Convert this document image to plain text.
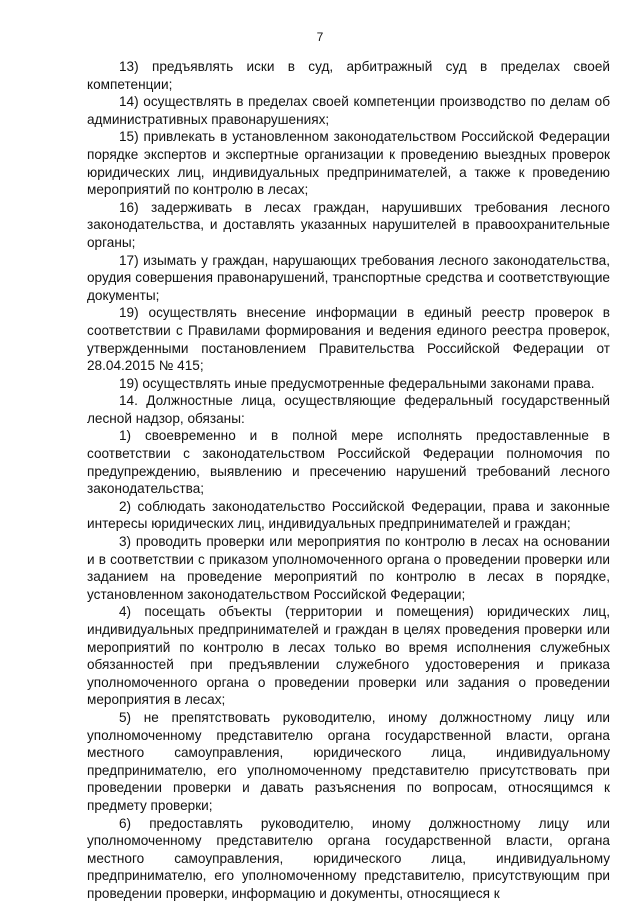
7

13) предъявлять иски в суд, арбитражный суд в пределах своей компетенции;

14) осуществлять в пределах своей компетенции производство по делам об административных правонарушениях;

15) привлекать в установленном законодательством Российской Федерации порядке экспертов и экспертные организации к проведению выездных проверок юридических лиц, индивидуальных предпринимателей, а также к проведению мероприятий по контролю в лесах;

16) задерживать в лесах граждан, нарушивших требования лесного законодательства, и доставлять указанных нарушителей в правоохранительные органы;

17) изымать у граждан, нарушающих требования лесного законодательства, орудия совершения правонарушений, транспортные средства и соответствующие документы;

19) осуществлять внесение информации в единый реестр проверок в соответствии с Правилами формирования и ведения единого реестра проверок, утвержденными постановлением Правительства Российской Федерации от 28.04.2015 № 415;

19) осуществлять иные предусмотренные федеральными законами права.

14. Должностные лица, осуществляющие федеральный государственный лесной надзор, обязаны:

1) своевременно и в полной мере исполнять предоставленные в соответствии с законодательством Российской Федерации полномочия по предупреждению, выявлению и пресечению нарушений требований лесного законодательства;

2) соблюдать законодательство Российской Федерации, права и законные интересы юридических лиц, индивидуальных предпринимателей и граждан;

3) проводить проверки или мероприятия по контролю в лесах на основании и в соответствии с приказом уполномоченного органа о проведении проверки или заданием на проведение мероприятий по контролю в лесах в порядке, установленном законодательством Российской Федерации;

4) посещать объекты (территории и помещения) юридических лиц, индивидуальных предпринимателей и граждан в целях проведения проверки или мероприятий по контролю в лесах только во время исполнения служебных обязанностей при предъявлении служебного удостоверения и приказа уполномоченного органа о проведении проверки или задания о проведении мероприятия в лесах;

5) не препятствовать руководителю, иному должностному лицу или уполномоченному представителю органа государственной власти, органа местного самоуправления, юридического лица, индивидуальному предпринимателю, его уполномоченному представителю присутствовать при проведении проверки и давать разъяснения по вопросам, относящимся к предмету проверки;

6) предоставлять руководителю, иному должностному лицу или уполномоченному представителю органа государственной власти, органа местного самоуправления, юридического лица, индивидуальному предпринимателю, его уполномоченному представителю, присутствующим при проведении проверки, информацию и документы, относящиеся к
